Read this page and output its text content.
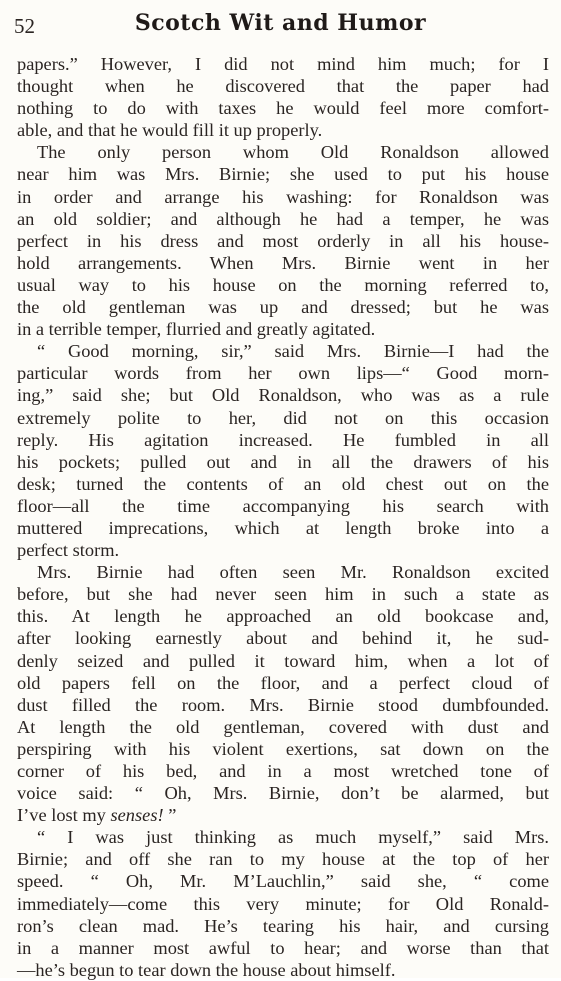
52	Scotch Wit and Humor
papers.” However, I did not mind him much; for I
thought when he discovered that the paper had
nothing to do with taxes he would feel more comfort-
able, and that he would fill it up properly.
The only person whom Old Ronaldson allowed
near him was Mrs. Birnie; she used to put his house
in order and arrange his washing: for Ronaldson was
an old soldier; and although he had a temper, he was
perfect in his dress and most orderly in all his house-
hold arrangements. When Mrs. Birnie went in her
usual way to his house on the morning referred to,
the old gentleman was up and dressed; but he was
in a terrible temper, flurried and greatly agitated.
“ Good morning, sir,” said Mrs. Birnie—I had the
particular words from her own lips—“ Good morn-
ing,” said she; but Old Ronaldson, who was as a rule
extremely polite to her, did not on this occasion
reply. His agitation increased. He fumbled in all
his pockets; pulled out and in all the drawers of his
desk; turned the contents of an old chest out on the
floor—all the time accompanying his search with
muttered imprecations, which at length broke into a
perfect storm.
Mrs. Birnie had often seen Mr. Ronaldson excited
before, but she had never seen him in such a state as
this. At length he approached an old bookcase and,
after looking earnestly about and behind it, he sud-
denly seized and pulled it toward him, when a lot of
old papers fell on the floor, and a perfect cloud of
dust filled the room. Mrs. Birnie stood dumbfounded.
At length the old gentleman, covered with dust and
perspiring with his violent exertions, sat down on the
corner of his bed, and in a most wretched tone of
voice said: “ Oh, Mrs. Birnie, don’t be alarmed, but
I’ve lost my senses! ”
“ I was just thinking as much myself,” said Mrs.
Birnie; and off she ran to my house at the top of her
speed. “ Oh, Mr. M’Lauchlin,” said she, “ come
immediately—come this very minute; for Old Ronald-
ron’s clean mad. He’s tearing his hair, and cursing
in a manner most awful to hear; and worse than that
—he’s begun to tear down the house about himself.
